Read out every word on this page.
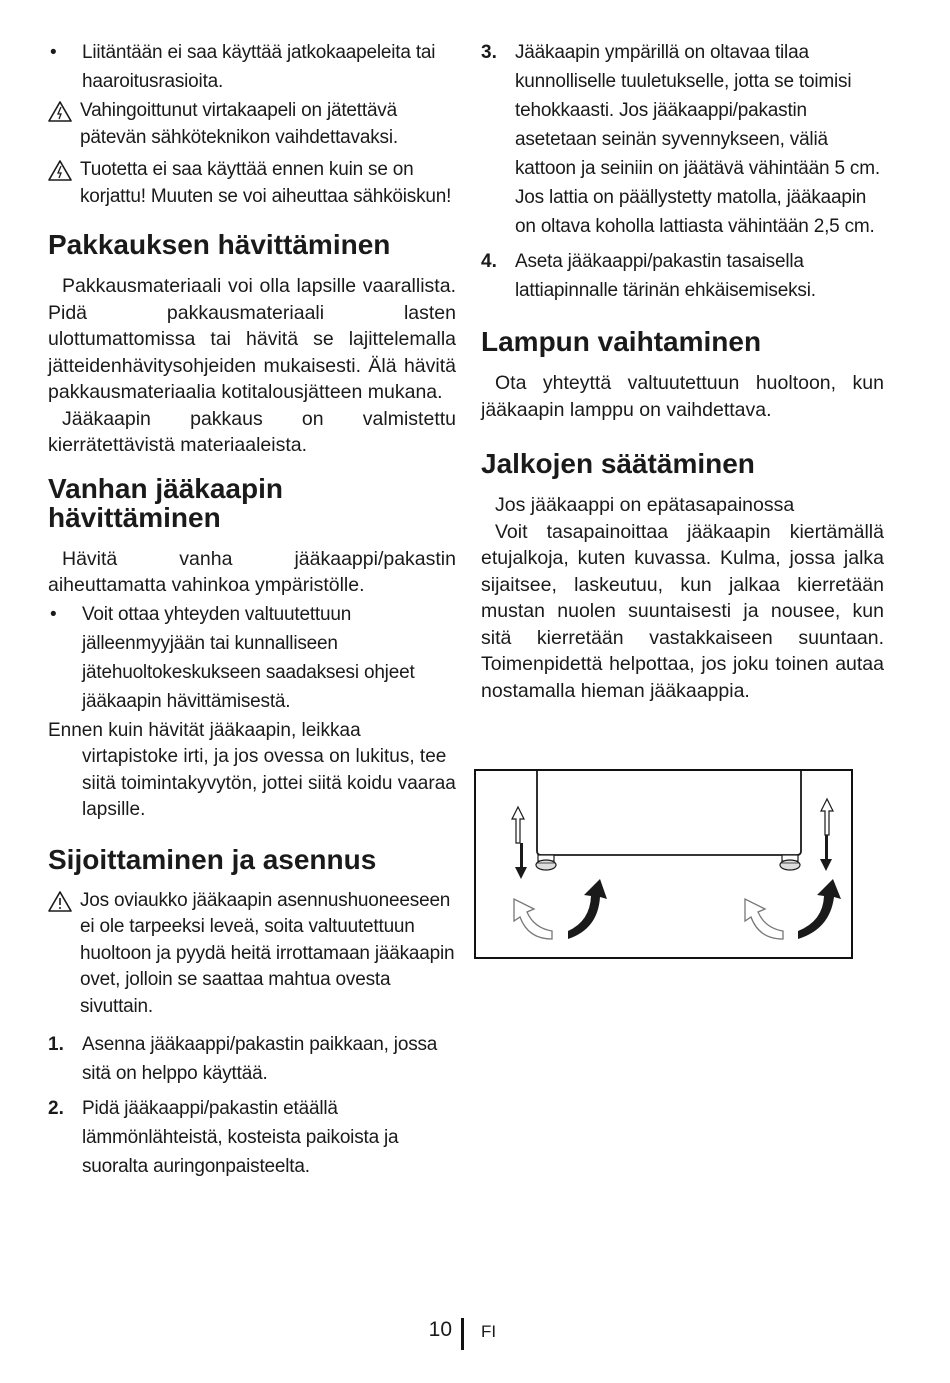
•	Liitäntään ei saa käyttää jatkokaapeleita tai haaroitusrasioita.
Vahingoittunut virtakaapeli on jätettävä pätevän sähköteknikon vaihdettavaksi.
Tuotetta ei saa käyttää ennen kuin se on korjattu! Muuten se voi aiheuttaa sähköiskun!
Pakkauksen hävittäminen
Pakkausmateriaali voi olla lapsille vaarallista. Pidä pakkausmateriaali lasten ulottumattomissa tai hävitä se lajittelemalla jätteidenhävitysohjeiden mukaisesti. Älä hävitä pakkausmateriaalia kotitalousjätteen mukana.
Jääkaapin pakkaus on valmistettu kierrätettävistä materiaaleista.
Vanhan jääkaapin
hävittäminen
Hävitä vanha jääkaappi/pakastin aiheuttamatta vahinkoa ympäristölle.
•	Voit ottaa yhteyden valtuutettuun jälleenmyyjään tai kunnalliseen jätehuoltokeskukseen saadaksesi ohjeet jääkaapin hävittämisestä.
Ennen kuin hävität jääkaapin, leikkaa virtapistoke irti, ja jos ovessa on lukitus, tee siitä toimintakyvytön, jottei siitä koidu vaaraa lapsille.
Sijoittaminen ja asennus
Jos oviaukko jääkaapin asennushuoneeseen ei ole tarpeeksi leveä, soita valtuutettuun huoltoon ja pyydä heitä irrottamaan jääkaapin ovet, jolloin se saattaa mahtua ovesta sivuttain.
1. Asenna jääkaappi/pakastin paikkaan, jossa sitä on helppo käyttää.
2. Pidä jääkaappi/pakastin etäällä lämmönlähteistä, kosteista paikoista ja suoralta auringonpaisteelta.
3. Jääkaapin ympärillä on oltavaa tilaa kunnolliselle tuuletukselle, jotta se toimisi tehokkaasti. Jos jääkaappi/pakastin asetetaan seinän syvennykseen, väliä kattoon ja seiniin on jäätävä vähintään 5 cm. Jos lattia on päällystetty matolla, jääkaapin on oltava koholla lattiasta vähintään 2,5 cm.
4. Aseta jääkaappi/pakastin tasaisella lattiapinnalle tärinän ehkäisemiseksi.
Lampun vaihtaminen
Ota yhteyttä valtuutettuun huoltoon, kun jääkaapin lamppu on vaihdettava.
Jalkojen säätäminen
Jos jääkaappi on epätasapainossa
Voit tasapainoittaa jääkaapin kiertämällä etujalkoja, kuten kuvassa. Kulma, jossa jalka sijaitsee, laskeutuu, kun jalkaa kierretään mustan nuolen suuntaisesti ja nousee, kun sitä kierretään vastakkaiseen suuntaan. Toimenpidettä helpottaa, jos joku toinen autaa nostamalla hieman jääkaappia.
10 FI
